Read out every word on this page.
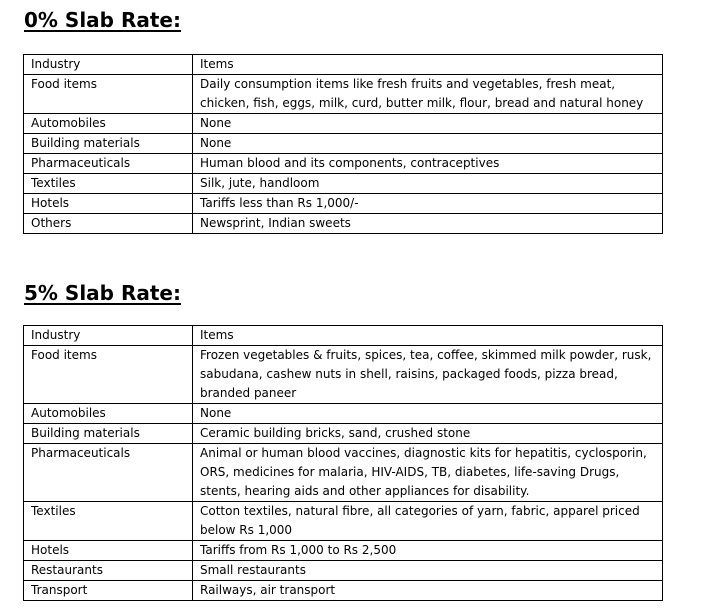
0% Slab Rate:
Industry	Items
Food items	Daily consumption items like fresh fruits and vegetables, fresh meat, chicken, fish, eggs, milk, curd, butter milk, flour, bread and natural honey
Automobiles	None
Building materials	None
Pharmaceuticals	Human blood and its components, contraceptives
Textiles	Silk, jute, handloom
Hotels	Tariffs less than Rs 1,000/-
Others	Newsprint, Indian sweets
5% Slab Rate:
Industry	Items
Food items	Frozen vegetables & fruits, spices, tea, coffee, skimmed milk powder, rusk, sabudana, cashew nuts in shell, raisins, packaged foods, pizza bread, branded paneer
Automobiles	None
Building materials	Ceramic building bricks, sand, crushed stone
Pharmaceuticals	Animal or human blood vaccines, diagnostic kits for hepatitis, cyclosporin, ORS, medicines for malaria, HIV-AIDS, TB, diabetes, life-saving Drugs, stents, hearing aids and other appliances for disability.
Textiles	Cotton textiles, natural fibre, all categories of yarn, fabric, apparel priced below Rs 1,000
Hotels	Tariffs from Rs 1,000 to Rs 2,500
Restaurants	Small restaurants
Transport	Railways, air transport
